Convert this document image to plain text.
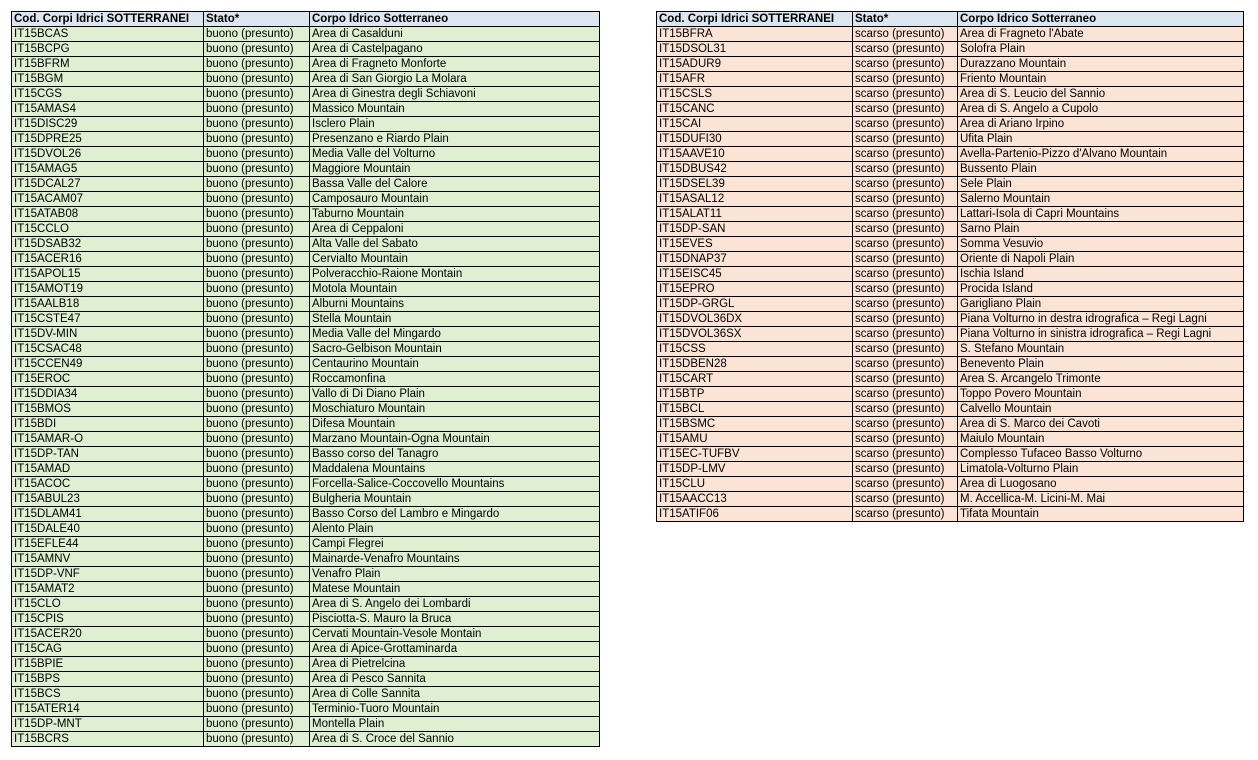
Cod. Corpi Idrici SOTTERRANEI	Stato*	Corpo Idrico Sotterraneo
IT15BCAS	buono (presunto)	Area di Casalduni
IT15BCPG	buono (presunto)	Area di Castelpagano
IT15BFRM	buono (presunto)	Area di Fragneto Monforte
IT15BGM	buono (presunto)	Area di San Giorgio La Molara
IT15CGS	buono (presunto)	Area di Ginestra degli Schiavoni
IT15AMAS4	buono (presunto)	Massico Mountain
IT15DISC29	buono (presunto)	Isclero Plain
IT15DPRE25	buono (presunto)	Presenzano e Riardo Plain
IT15DVOL26	buono (presunto)	Media Valle del Volturno
IT15AMAG5	buono (presunto)	Maggiore Mountain
IT15DCAL27	buono (presunto)	Bassa Valle del Calore
IT15ACAM07	buono (presunto)	Camposauro Mountain
IT15ATAB08	buono (presunto)	Taburno Mountain
IT15CCLO	buono (presunto)	Area di Ceppaloni
IT15DSAB32	buono (presunto)	Alta Valle del Sabato
IT15ACER16	buono (presunto)	Cervialto Mountain
IT15APOL15	buono (presunto)	Polveracchio-Raione Montain
IT15AMOT19	buono (presunto)	Motola Mountain
IT15AALB18	buono (presunto)	Alburni Mountains
IT15CSTE47	buono (presunto)	Stella Mountain
IT15DV-MIN	buono (presunto)	Media Valle del Mingardo
IT15CSAC48	buono (presunto)	Sacro-Gelbison Mountain
IT15CCEN49	buono (presunto)	Centaurino Mountain
IT15EROC	buono (presunto)	Roccamonfina
IT15DDIA34	buono (presunto)	Vallo di Di Diano Plain
IT15BMOS	buono (presunto)	Moschiaturo Mountain
IT15BDI	buono (presunto)	Difesa Mountain
IT15AMAR-O	buono (presunto)	Marzano Mountain-Ogna Mountain
IT15DP-TAN	buono (presunto)	Basso corso del Tanagro
IT15AMAD	buono (presunto)	Maddalena Mountains
IT15ACOC	buono (presunto)	Forcella-Salice-Coccovello Mountains
IT15ABUL23	buono (presunto)	Bulgheria Mountain
IT15DLAM41	buono (presunto)	Basso Corso del Lambro e Mingardo
IT15DALE40	buono (presunto)	Alento Plain
IT15EFLE44	buono (presunto)	Campi Flegrei
IT15AMNV	buono (presunto)	Mainarde-Venafro Mountains
IT15DP-VNF	buono (presunto)	Venafro Plain
IT15AMAT2	buono (presunto)	Matese Mountain
IT15CLO	buono (presunto)	Area di S. Angelo dei Lombardi
IT15CPIS	buono (presunto)	Pisciotta-S. Mauro la Bruca
IT15ACER20	buono (presunto)	Cervati Mountain-Vesole Montain
IT15CAG	buono (presunto)	Area di Apice-Grottaminarda
IT15BPIE	buono (presunto)	Area di Pietrelcina
IT15BPS	buono (presunto)	Area di Pesco Sannita
IT15BCS	buono (presunto)	Area di Colle Sannita
IT15ATER14	buono (presunto)	Terminio-Tuoro Mountain
IT15DP-MNT	buono (presunto)	Montella Plain
IT15BCRS	buono (presunto)	Area di S. Croce del Sannio
Cod. Corpi Idrici SOTTERRANEI	Stato*	Corpo Idrico Sotterraneo
IT15BFRA	scarso (presunto)	Area di Fragneto l'Abate
IT15DSOL31	scarso (presunto)	Solofra Plain
IT15ADUR9	scarso (presunto)	Durazzano Mountain
IT15AFR	scarso (presunto)	Friento Mountain
IT15CSLS	scarso (presunto)	Area di S. Leucio del Sannio
IT15CANC	scarso (presunto)	Area di S. Angelo a Cupolo
IT15CAI	scarso (presunto)	Area di Ariano Irpino
IT15DUFI30	scarso (presunto)	Ufita Plain
IT15AAVE10	scarso (presunto)	Avella-Partenio-Pizzo d'Alvano Mountain
IT15DBUS42	scarso (presunto)	Bussento Plain
IT15DSEL39	scarso (presunto)	Sele Plain
IT15ASAL12	scarso (presunto)	Salerno Mountain
IT15ALAT11	scarso (presunto)	Lattari-Isola di Capri Mountains
IT15DP-SAN	scarso (presunto)	Sarno Plain
IT15EVES	scarso (presunto)	Somma Vesuvio
IT15DNAP37	scarso (presunto)	Oriente di Napoli Plain
IT15EISC45	scarso (presunto)	Ischia Island
IT15EPRO	scarso (presunto)	Procida Island
IT15DP-GRGL	scarso (presunto)	Garigliano Plain
IT15DVOL36DX	scarso (presunto)	Piana Volturno in destra idrografica – Regi Lagni
IT15DVOL36SX	scarso (presunto)	Piana Volturno in sinistra idrografica – Regi Lagni
IT15CSS	scarso (presunto)	S. Stefano Mountain
IT15DBEN28	scarso (presunto)	Benevento Plain
IT15CART	scarso (presunto)	Area S. Arcangelo Trimonte
IT15BTP	scarso (presunto)	Toppo Povero Mountain
IT15BCL	scarso (presunto)	Calvello Mountain
IT15BSMC	scarso (presunto)	Area di S. Marco dei Cavoti
IT15AMU	scarso (presunto)	Maiulo Mountain
IT15EC-TUFBV	scarso (presunto)	Complesso Tufaceo Basso Volturno
IT15DP-LMV	scarso (presunto)	Limatola-Volturno Plain
IT15CLU	scarso (presunto)	Area di Luogosano
IT15AACC13	scarso (presunto)	M. Accellica-M. Licini-M. Mai
IT15ATIF06	scarso (presunto)	Tifata Mountain
